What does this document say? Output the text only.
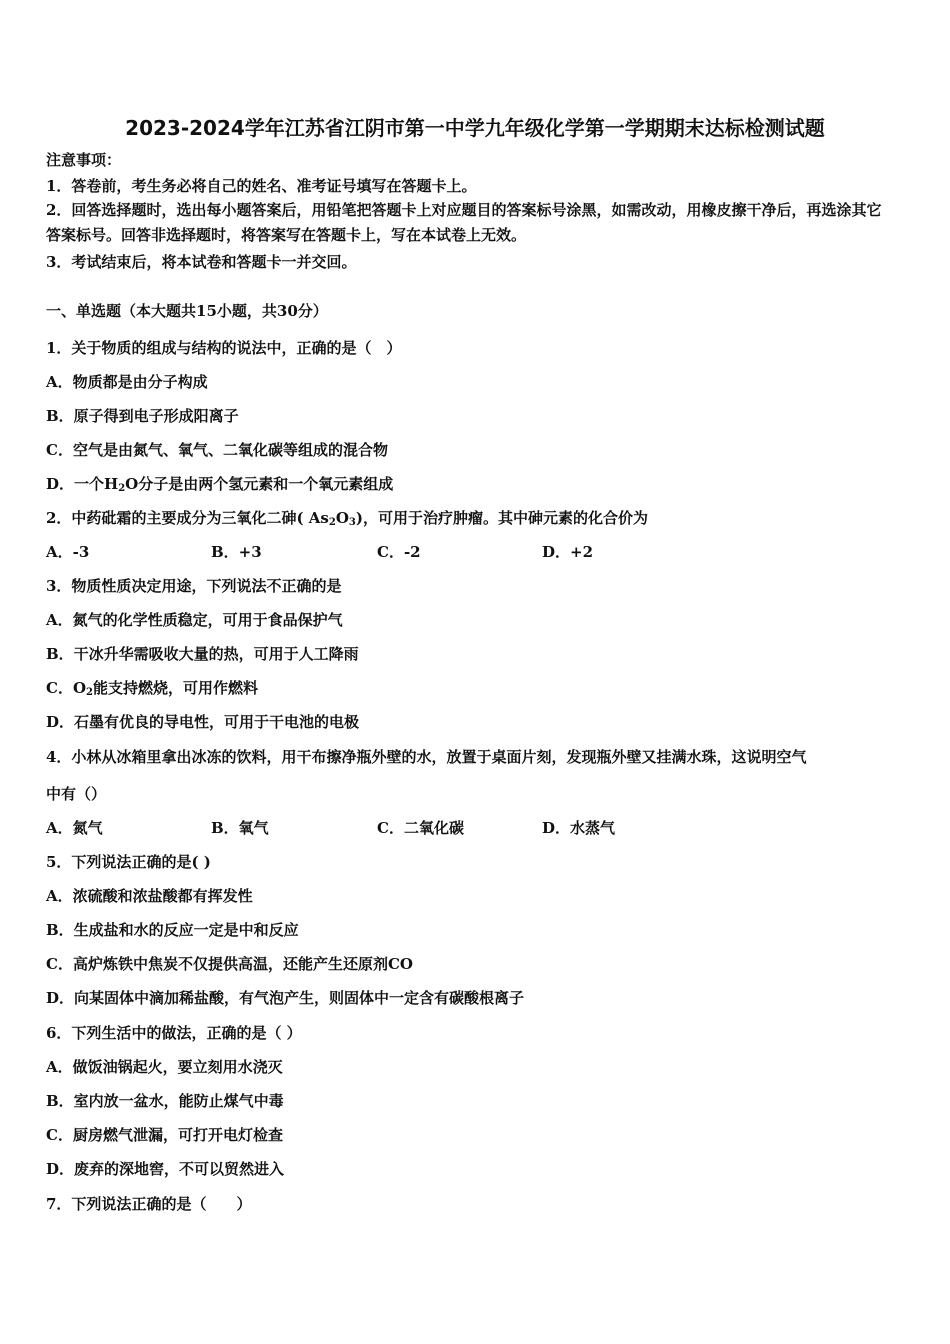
2023-2024学年江苏省江阴市第一中学九年级化学第一学期期末达标检测试题
注意事项：
1．答卷前，考生务必将自己的姓名、准考证号填写在答题卡上。
2．回答选择题时，选出每小题答案后，用铅笔把答题卡上对应题目的答案标号涂黑，如需改动，用橡皮擦干净后，再选涂其它答案标号。回答非选择题时，将答案写在答题卡上，写在本试卷上无效。
3．考试结束后，将本试卷和答题卡一并交回。
一、单选题（本大题共15小题，共30分）
1．关于物质的组成与结构的说法中，正确的是（　）
A．物质都是由分子构成
B．原子得到电子形成阳离子
C．空气是由氮气、氧气、二氧化碳等组成的混合物
D．一个$H_2O$分子是由两个氢元素和一个氧元素组成
2．中药砒霜的主要成分为三氧化二砷( $As_2O_3$)，可用于治疗肿瘤。其中砷元素的化合价为
A．-3	B．+3	C．-2	D．+2
3．物质性质决定用途，下列说法不正确的是
A．氮气的化学性质稳定，可用于食品保护气
B．干冰升华需吸收大量的热，可用于人工降雨
C．$O_2$能支持燃烧，可用作燃料
D．石墨有优良的导电性，可用于干电池的电极
4．小林从冰箱里拿出冰冻的饮料，用干布擦净瓶外壁的水，放置于桌面片刻，发现瓶外壁又挂满水珠，这说明空气
中有（）
A．氮气	B．氧气	C．二氧化碳	D．水蒸气
5．下列说法正确的是( )
A．浓硫酸和浓盐酸都有挥发性
B．生成盐和水的反应一定是中和反应
C．高炉炼铁中焦炭不仅提供高温，还能产生还原剂CO
D．向某固体中滴加稀盐酸，有气泡产生，则固体中一定含有碳酸根离子
6．下列生活中的做法，正确的是（ ）
A．做饭油锅起火，要立刻用水浇灭
B．室内放一盆水，能防止煤气中毒
C．厨房燃气泄漏，可打开电灯检查
D．废弃的深地窖，不可以贸然进入
7．下列说法正确的是（　　）
